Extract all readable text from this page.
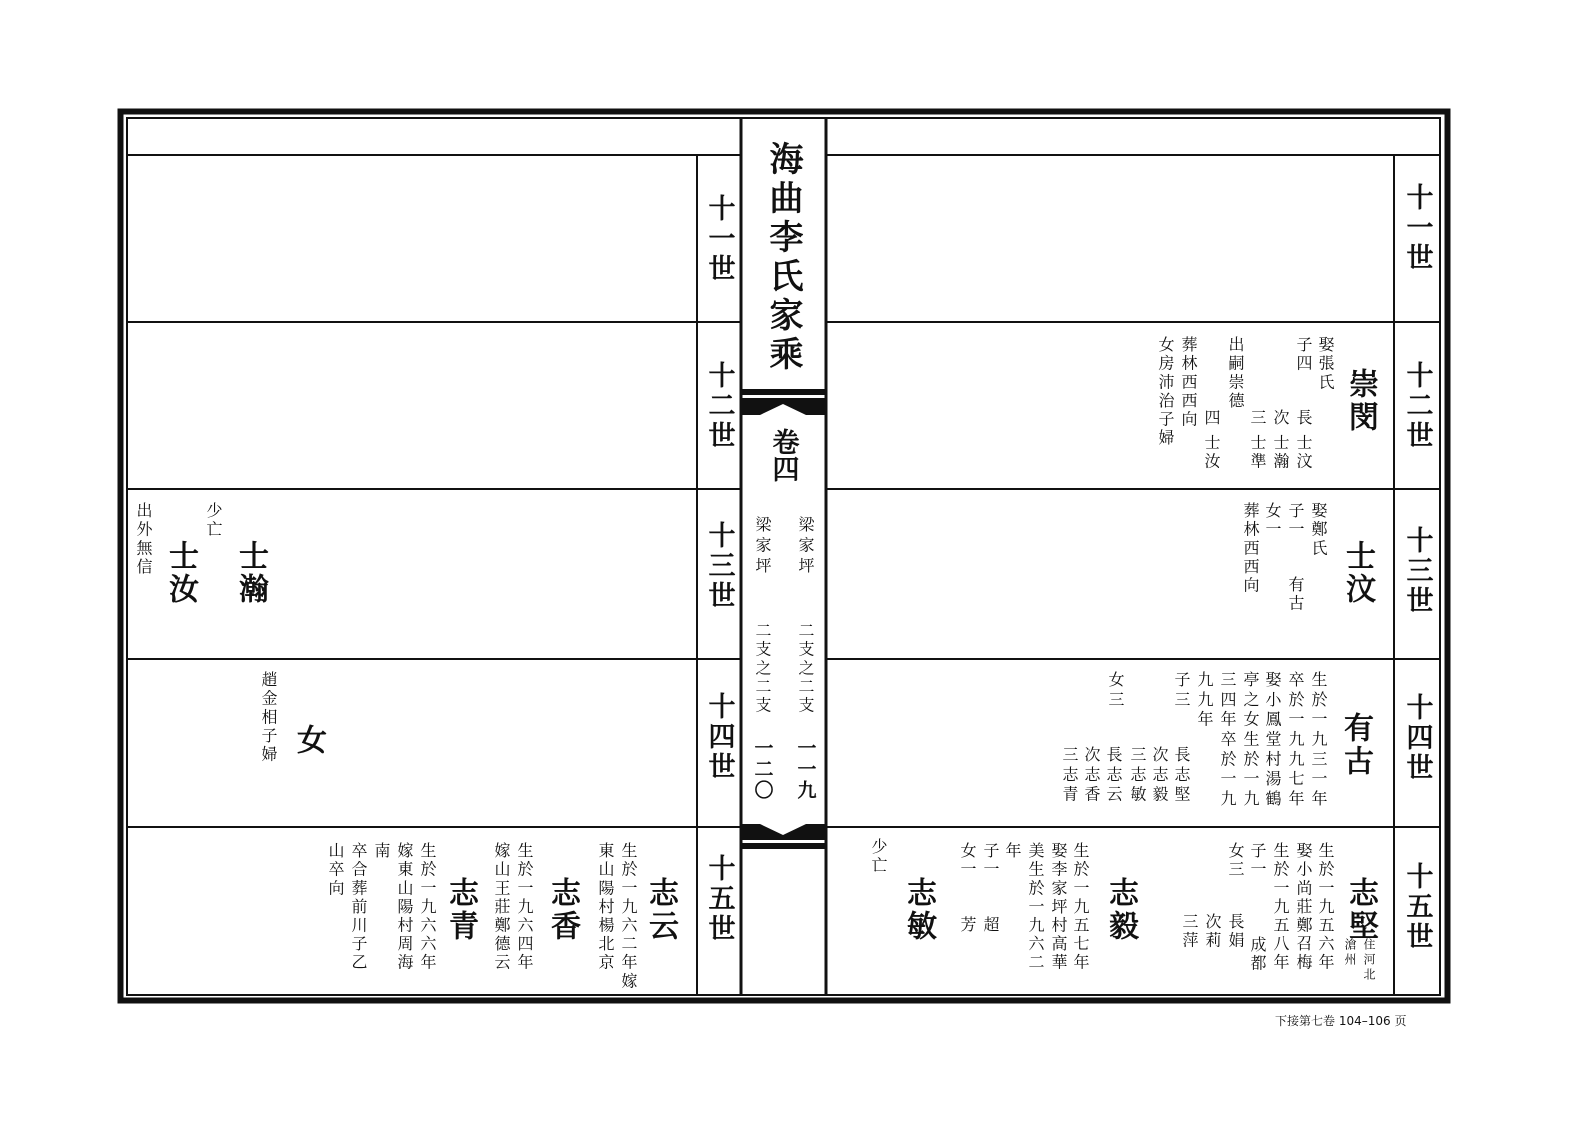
海曲李氏家乘
卷四
梁家坪
二支之二支
一一九
梁家坪
二支之二支
一二〇
十一世
十二世
十三世
十四世
十五世
十一世
十二世
十三世
十四世
十五世
崇閔
娶張氏
子四
長
士汶
次
士瀚
三
士準
出嗣崇德
四
士汝
葬林西西向
女房沛治子婦
士汶
娶鄭氏
子一
有古
女一
葬林西西向
有古
生於一九三一年
卒於一九九七年
娶小鳳堂村湯鶴
亭之女生於一九
三四年卒於一九
九九年
子三
女三
長志堅
次志毅
三志敏
長志云
次志香
三志青
志堅
住河北
滄州
生於一九五六年
娶小尚莊鄭召梅
生於一九五八年
子一
成都
女三
長娟
次莉
三萍
志毅
生於一九五七年
娶李家坪村高華
美生於一九六二
年
子一
超
女一
芳
志敏
少亡
士瀚
少亡
士汝
出外無信
女
趙金相子婦
志云
生於一九六二年嫁
東山陽村楊北京
志香
生於一九六四年
嫁山王莊鄭德云
志青
生於一九六六年
嫁東山陽村周海
南
卒合葬前川子乙
山卒向
下接第七卷 104–106 页
